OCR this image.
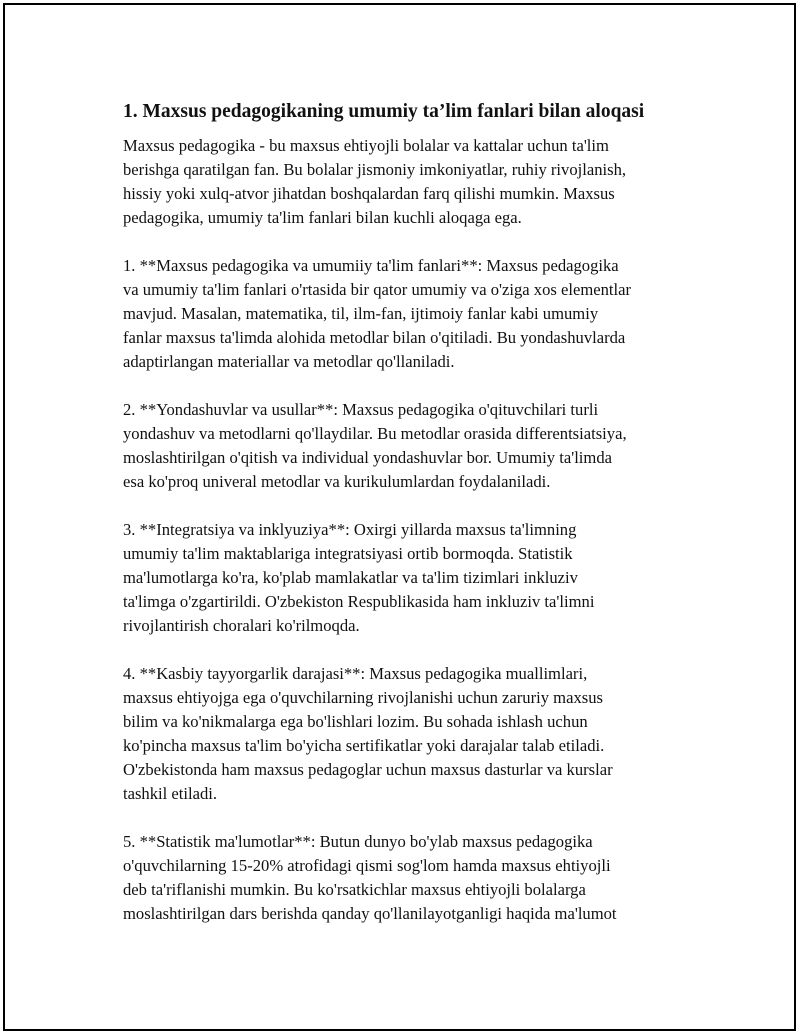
1. Maxsus pedagogikaning umumiy ta’lim fanlari bilan aloqasi

Maxsus pedagogika - bu maxsus ehtiyojli bolalar va kattalar uchun ta'lim
berishga qaratilgan fan. Bu bolalar jismoniy imkoniyatlar, ruhiy rivojlanish,
hissiy yoki xulq-atvor jihatdan boshqalardan farq qilishi mumkin. Maxsus
pedagogika, umumiy ta'lim fanlari bilan kuchli aloqaga ega.

1. **Maxsus pedagogika va umumiiy ta'lim fanlari**: Maxsus pedagogika
va umumiy ta'lim fanlari o'rtasida bir qator umumiy va o'ziga xos elementlar
mavjud. Masalan, matematika, til, ilm-fan, ijtimoiy fanlar kabi umumiy
fanlar maxsus ta'limda alohida metodlar bilan o'qitiladi. Bu yondashuvlarda
adaptirlangan materiallar va metodlar qo'llaniladi.

2. **Yondashuvlar va usullar**: Maxsus pedagogika o'qituvchilari turli
yondashuv va metodlarni qo'llaydilar. Bu metodlar orasida differentsiatsiya,
moslashtirilgan o'qitish va individual yondashuvlar bor. Umumiy ta'limda
esa ko'proq univeral metodlar va kurikulumlardan foydalaniladi.

3. **Integratsiya va inklyuziya**: Oxirgi yillarda maxsus ta'limning
umumiy ta'lim maktablariga integratsiyasi ortib bormoqda. Statistik
ma'lumotlarga ko'ra, ko'plab mamlakatlar va ta'lim tizimlari inkluziv
ta'limga o'zgartirildi. O'zbekiston Respublikasida ham inkluziv ta'limni
rivojlantirish choralari ko'rilmoqda.

4. **Kasbiy tayyorgarlik darajasi**: Maxsus pedagogika muallimlari,
maxsus ehtiyojga ega o'quvchilarning rivojlanishi uchun zaruriy maxsus
bilim va ko'nikmalarga ega bo'lishlari lozim. Bu sohada ishlash uchun
ko'pincha maxsus ta'lim bo'yicha sertifikatlar yoki darajalar talab etiladi.
O'zbekistonda ham maxsus pedagoglar uchun maxsus dasturlar va kurslar
tashkil etiladi.

5. **Statistik ma'lumotlar**: Butun dunyo bo'ylab maxsus pedagogika
o'quvchilarning 15-20% atrofidagi qismi sog'lom hamda maxsus ehtiyojli
deb ta'riflanishi mumkin. Bu ko'rsatkichlar maxsus ehtiyojli bolalarga
moslashtirilgan dars berishda qanday qo'llanilayotganligi haqida ma'lumot
